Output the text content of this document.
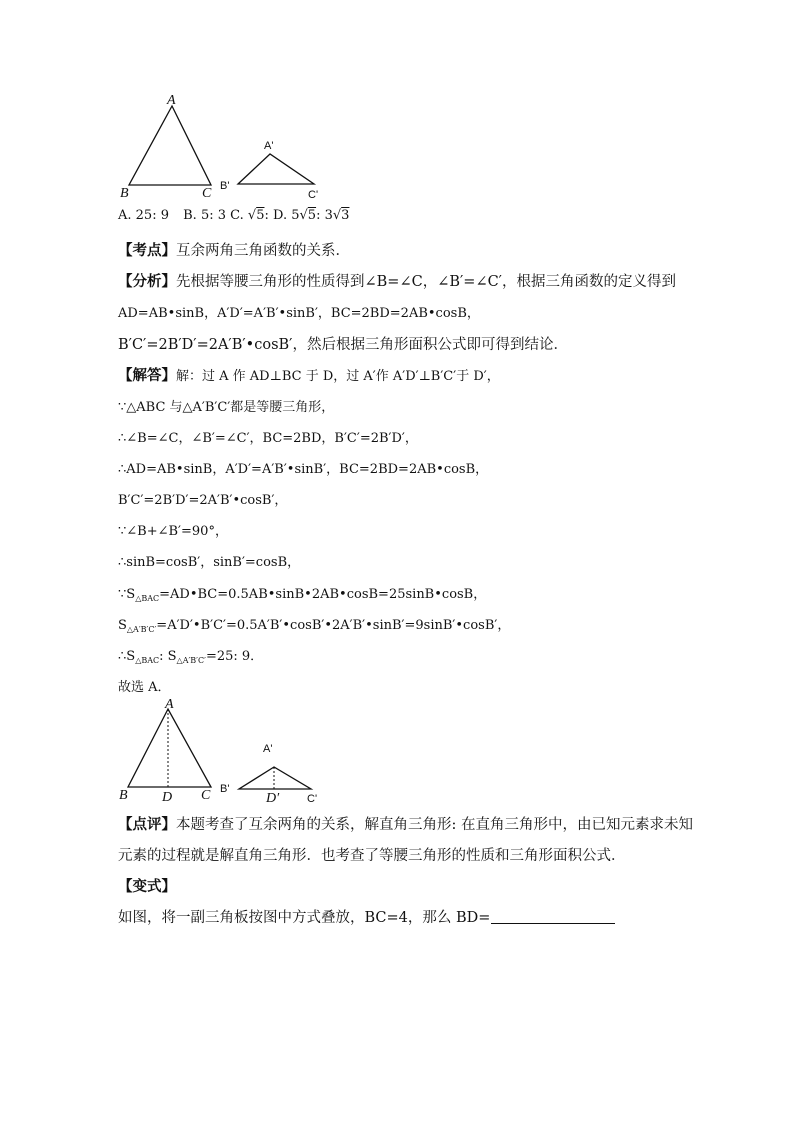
A
B	C
A'
B'
C'
A. 25: 9 B. 5: 3 C. √5: D. 5√5: 3√3
【考点】互余两角三角函数的关系．
【分析】先根据等腰三角形的性质得到∠B=∠C，∠B′=∠C′，根据三角函数的定义得到
AD=AB•sinB，A′D′=A′B′•sinB′，BC=2BD=2AB•cosB，
B′C′=2B′D′=2A′B′•cosB′，然后根据三角形面积公式即可得到结论．
【解答】解：过 A 作 AD⊥BC 于 D，过 A′作 A′D′⊥B′C′于 D′，
∵△ABC 与△A′B′C′都是等腰三角形，
∴∠B=∠C，∠B′=∠C′，BC=2BD，B′C′=2B′D′，
∴AD=AB•sinB，A′D′=A′B′•sinB′，BC=2BD=2AB•cosB，
B′C′=2B′D′=2A′B′•cosB′，
∵∠B+∠B′=90°，
∴sinB=cosB′，sinB′=cosB，
$\because S_{\triangle BAC}=AD•BC=0.5AB•\sin B•2AB•\cos B=25\sin B•\cos B$，
$S_{\triangle A'B'C'}=A'D'•B'C'=0.5A'B'•\cos B'•2A'B'•\sin B'=9\sin B'•\cos B'$，
$\therefore S_{\triangle BAC}$: $S_{\triangle A'B'C'}=25$: 9．
故选 A．
A
B D C
A'
B'
D′	C'
【点评】本题考查了互余两角的关系，解直角三角形: 在直角三角形中，由已知元素求未知
元素的过程就是解直角三角形．也考查了等腰三角形的性质和三角形面积公式．
【变式】
如图，将一副三角板按图中方式叠放，BC=4，那么 BD=
